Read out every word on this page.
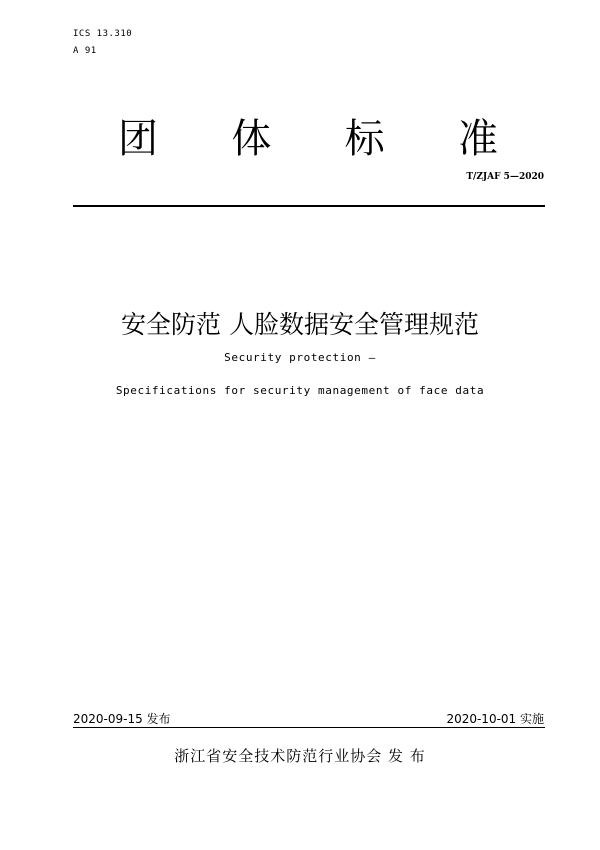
ICS 13.310
A 91
团 体 标 准
T/ZJAF 5—2020
安全防范 人脸数据安全管理规范
Security protection —
Specifications for security management of face data
2020-09-15 发布	2020-10-01 实施
浙江省安全技术防范行业协会 发 布
